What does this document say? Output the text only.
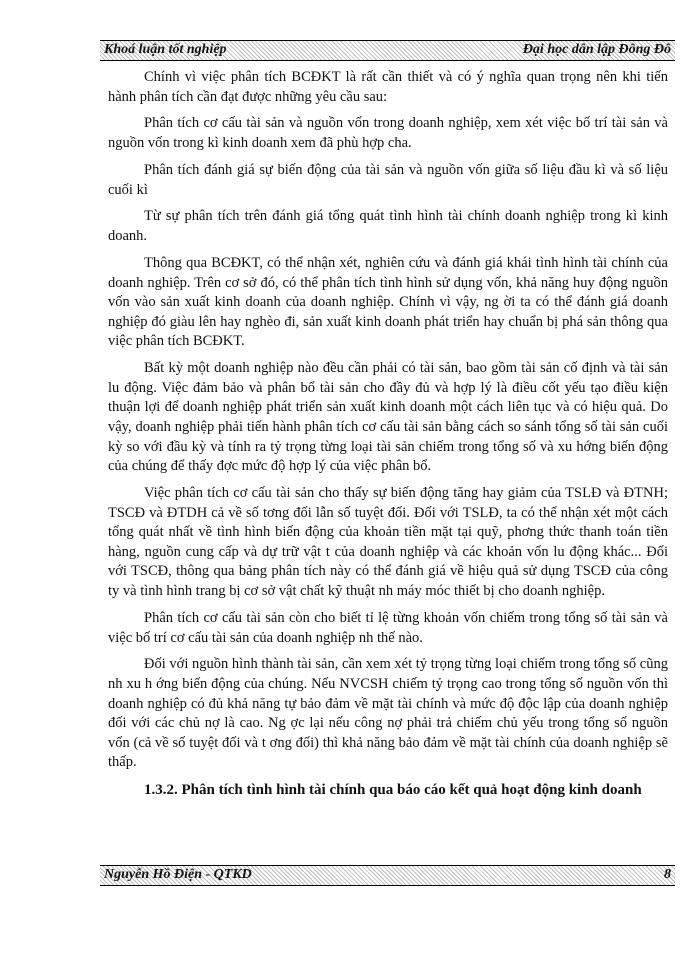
Khoá luận tốt nghiệp	Đại học dân lập Đông Đô

Chính vì việc phân tích BCĐKT là rất cần thiết và có ý nghĩa quan trọng nên khi tiến hành phân tích cần đạt được những yêu cầu sau:

Phân tích cơ cấu tài sản và nguồn vốn trong doanh nghiệp, xem xét việc bố trí tài sản và nguồn vốn trong kì kinh doanh xem đã phù hợp cha.

Phân tích đánh giá sự biến động của tài sản và nguồn vốn giữa số liệu đầu kì và số liệu cuối kì

Từ sự phân tích trên đánh giá tổng quát tình hình tài chính doanh nghiệp trong kì kinh doanh.

Thông qua BCĐKT, có thể nhận xét, nghiên cứu và đánh giá khái tình hình tài chính của doanh nghiệp. Trên cơ sở đó, có thể phân tích tình hình sử dụng vốn, khả năng huy động nguồn vốn vào sản xuất kinh doanh của doanh nghiệp. Chính vì vậy, ng ời ta có thể đánh giá doanh nghiệp đó giàu lên hay nghèo đi, sản xuất kinh doanh phát triển hay chuẩn bị phá sản thông qua việc phân tích BCĐKT.

Bất kỳ một doanh nghiệp nào đều cần phải có tài sản, bao gồm tài sản cố định và tài sản lu động. Việc đảm bảo và phân bổ tài sản cho đầy đủ và hợp lý là điều cốt yếu tạo điều kiện thuận lợi để doanh nghiệp phát triển sản xuất kinh doanh một cách liên tục và có hiệu quả. Do vậy, doanh nghiệp phải tiến hành phân tích cơ cấu tài sản bằng cách so sánh tổng số tài sản cuối kỳ so với đầu kỳ và tính ra tỷ trọng từng loại tài sản chiếm trong tổng số và xu hớng biến động của chúng để thấy đợc mức độ hợp lý của việc phân bổ.

Việc phân tích cơ cấu tài sản cho thấy sự biến động tăng hay giảm của TSLĐ và ĐTNH; TSCĐ và ĐTDH cả về số tơng đối lẫn số tuyệt đối. Đối với TSLĐ, ta có thể nhận xét một cách tổng quát nhất về tình hình biến động của khoản tiền mặt tại quỹ, phơng thức thanh toán tiền hàng, nguồn cung cấp và dự trữ vật t của doanh nghiệp và các khoản vốn lu động khác... Đối với TSCĐ, thông qua bảng phân tích này có thể đánh giá về hiệu quả sử dụng TSCĐ của công ty và tình hình trang bị cơ sở vật chất kỹ thuật nh máy móc thiết bị cho doanh nghiệp.

Phân tích cơ cấu tài sản còn cho biết tỉ lệ từng khoản vốn chiếm trong tổng số tài sản và việc bố trí cơ cấu tài sản của doanh nghiệp nh thế nào.

Đối với nguồn hình thành tài sản, cần xem xét tỷ trọng từng loại chiếm trong tổng số cũng nh xu h ớng biến động của chúng. Nếu NVCSH chiếm tỷ trọng cao trong tổng số nguồn vốn thì doanh nghiệp có đủ khả năng tự bảo đảm về mặt tài chính và mức độ độc lập của doanh nghiệp đối với các chủ nợ là cao. Ng ợc lại nếu công nợ phải trả chiếm chủ yếu trong tổng số nguồn vốn (cả về số tuyệt đối và t ơng đối) thì khả năng bảo đảm về mặt tài chính của doanh nghiệp sẽ thấp.

1.3.2. Phân tích tình hình tài chính qua báo cáo kết quả hoạt động kinh doanh
Nguyễn Hồ Điện - QTKD	8
